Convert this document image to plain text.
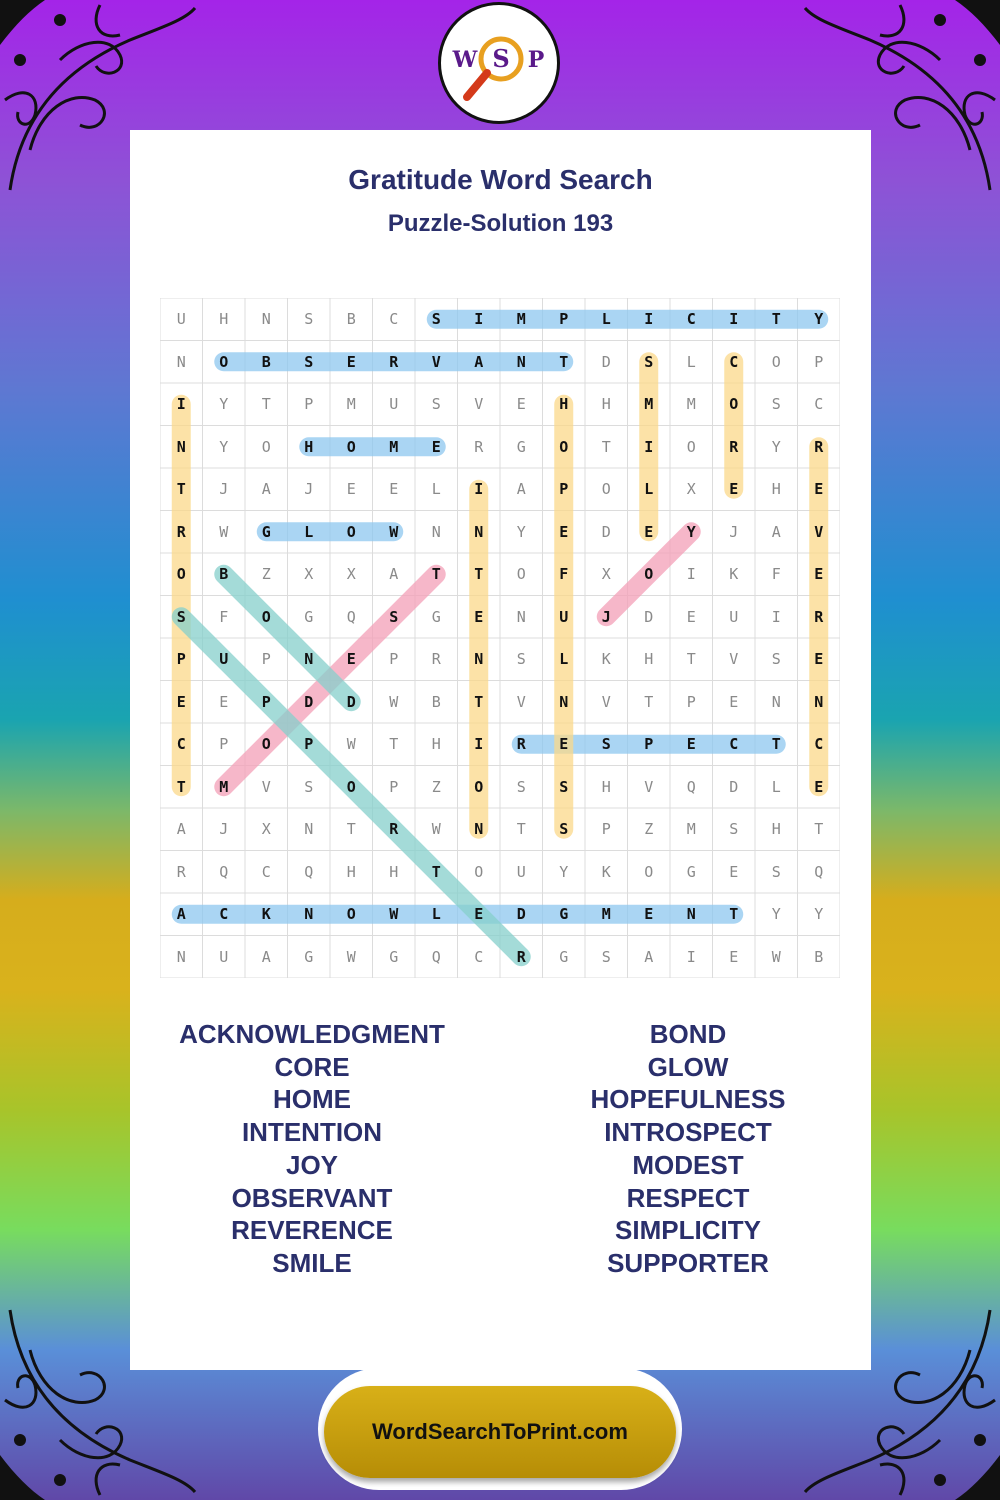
W S P
Gratitude Word Search
Puzzle-Solution 193
U	H	N	S	B	C	S	I	M	P	L	I	C	I	T	Y
N	O	B	S	E	R	V	A	N	T	D	S	L	C	O	P
I	Y	T	P	M	U	S	V	E	H	H	M	M	O	S	C
N	Y	O	H	O	M	E	R	G	O	T	I	O	R	Y	R
T	J	A	J	E	E	L	I	A	P	O	L	X	E	H	E
R	W	G	L	O	W	N	N	Y	E	D	E	Y	J	A	V
O	B	Z	X	X	A	T	T	O	F	X	O	I	K	F	E
S	F	O	G	Q	S	G	E	N	U	J	D	E	U	I	R
P	U	P	N	E	P	R	N	S	L	K	H	T	V	S	E
E	E	P	D	D	W	B	T	V	N	V	T	P	E	N	N
C	P	O	P	W	T	H	I	R	E	S	P	E	C	T	C
T	M	V	S	O	P	Z	O	S	S	H	V	Q	D	L	E
A	J	X	N	T	R	W	N	T	S	P	Z	M	S	H	T
R	Q	C	Q	H	H	T	O	U	Y	K	O	G	E	S	Q
A	C	K	N	O	W	L	E	D	G	M	E	N	T	Y	Y
N	U	A	G	W	G	Q	C	R	G	S	A	I	E	W	B
ACKNOWLEDGMENT
CORE
HOME
INTENTION
JOY
OBSERVANT
REVERENCE
SMILE
BOND
GLOW
HOPEFULNESS
INTROSPECT
MODEST
RESPECT
SIMPLICITY
SUPPORTER
WordSearchToPrint.com
